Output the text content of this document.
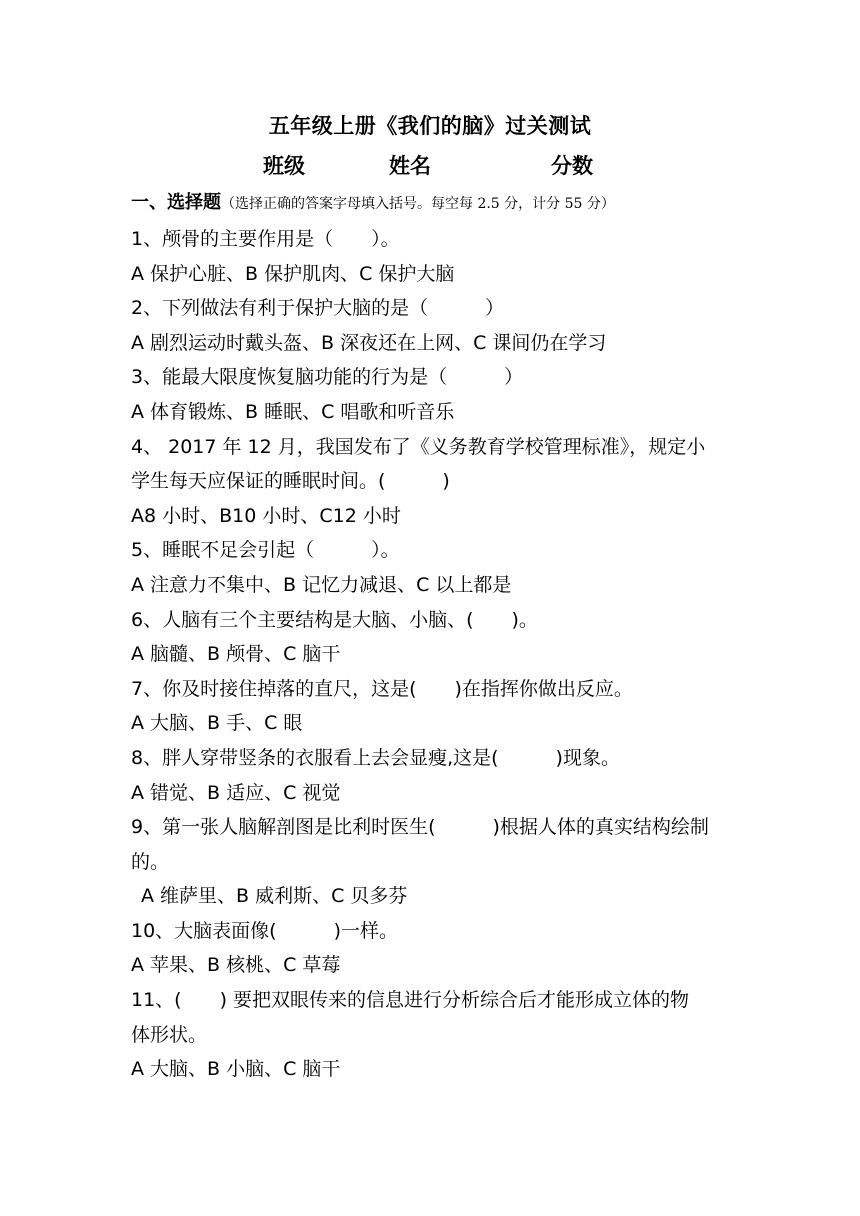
五年级上册《我们的脑》过关测试
班级	姓名	分数
一、选择题（选择正确的答案字母填入括号。每空每 2.5 分，计分 55 分）
1、颅骨的主要作用是（　　）。
A 保护心脏、B 保护肌肉、C 保护大脑
2、下列做法有利于保护大脑的是（　　　）
A 剧烈运动时戴头盔、B 深夜还在上网、C 课间仍在学习
3、能最大限度恢复脑功能的行为是（　　　）
A 体育锻炼、B 睡眠、C 唱歌和听音乐
4、 2017 年 12 月，我国发布了《义务教育学校管理标准》，规定小
学生每天应保证的睡眠时间。(　　　)
A8 小时、B10 小时、C12 小时
5、睡眠不足会引起（　　　）。
A 注意力不集中、B 记忆力减退、C 以上都是
6、人脑有三个主要结构是大脑、小脑、(　　)。
A 脑髓、B 颅骨、C 脑干
7、你及时接住掉落的直尺，这是(　　)在指挥你做出反应。
A 大脑、B 手、C 眼
8、胖人穿带竖条的衣服看上去会显瘦,这是(　　　)现象。
A 错觉、B 适应、C 视觉
9、第一张人脑解剖图是比利时医生(　　　)根据人体的真实结构绘制
的。
A 维萨里、B 威利斯、C 贝多芬
10、大脑表面像(　　　)一样。
A 苹果、B 核桃、C 草莓
11、(　　) 要把双眼传来的信息进行分析综合后才能形成立体的物
体形状。
A 大脑、B 小脑、C 脑干
